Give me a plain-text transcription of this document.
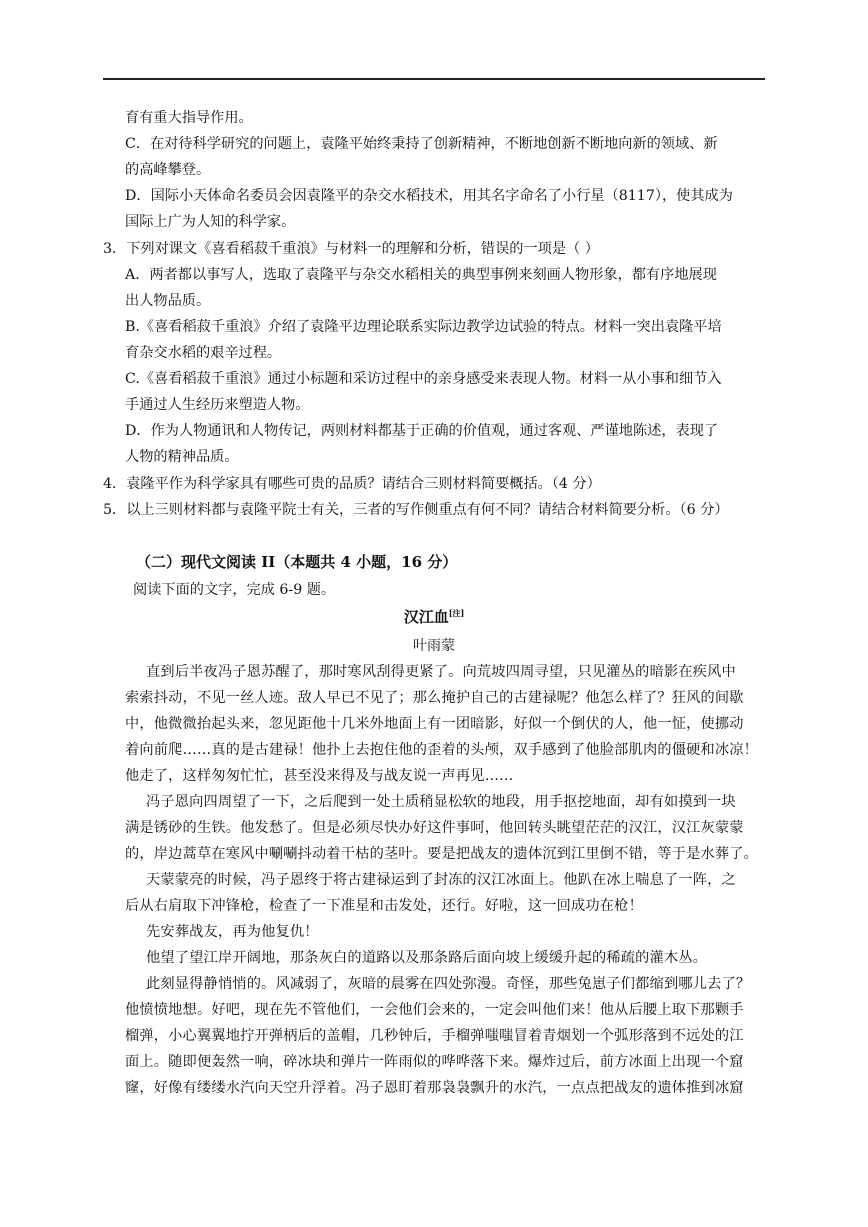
育有重大指导作用。
C．在对待科学研究的问题上，袁隆平始终秉持了创新精神，不断地创新不断地向新的领域、新
的高峰攀登。
D．国际小天体命名委员会因袁隆平的杂交水稻技术，用其名字命名了小行星（8117），使其成为
国际上广为人知的科学家。
3．下列对课文《喜看稻菽千重浪》与材料一的理解和分析，错误的一项是（ ）
A．两者都以事写人，选取了袁隆平与杂交水稻相关的典型事例来刻画人物形象，都有序地展现
出人物品质。
B.《喜看稻菽千重浪》介绍了袁隆平边理论联系实际边教学边试验的特点。材料一突出袁隆平培
育杂交水稻的艰辛过程。
C.《喜看稻菽千重浪》通过小标题和采访过程中的亲身感受来表现人物。材料一从小事和细节入
手通过人生经历来塑造人物。
D．作为人物通讯和人物传记，两则材料都基于正确的价值观，通过客观、严谨地陈述，表现了
人物的精神品质。
4．袁隆平作为科学家具有哪些可贵的品质？请结合三则材料简要概括。（4 分）
5．以上三则材料都与袁隆平院士有关，三者的写作侧重点有何不同？请结合材料简要分析。（6 分）
（二）现代文阅读 II（本题共 4 小题，16 分）
阅读下面的文字，完成 6-9 题。
汉江血[注]
叶雨蒙
直到后半夜冯子恩苏醒了，那时寒风刮得更紧了。向荒坡四周寻望，只见灌丛的暗影在疾风中
索索抖动，不见一丝人迹。敌人早已不见了；那么掩护自己的古建禄呢？他怎么样了？狂风的间歇
中，他微微抬起头来，忽见距他十几米外地面上有一团暗影，好似一个倒伏的人，他一怔，使挪动
着向前爬……真的是古建禄！他扑上去抱住他的歪着的头颅，双手感到了他脸部肌肉的僵硬和冰凉！
他走了，这样匆匆忙忙，甚至没来得及与战友说一声再见……
冯子恩向四周望了一下，之后爬到一处土质稍显松软的地段，用手抠挖地面，却有如摸到一块
满是锈砂的生铁。他发愁了。但是必须尽快办好这件事呵，他回转头眺望茫茫的汉江，汉江灰蒙蒙
的，岸边蒿草在寒风中唰唰抖动着干枯的茎叶。要是把战友的遗体沉到江里倒不错，等于是水葬了。
天蒙蒙亮的时候，冯子恩终于将古建禄运到了封冻的汉江冰面上。他趴在冰上喘息了一阵，之
后从右肩取下冲锋枪，检查了一下准星和击发处，还行。好啦，这一回成功在枪！
先安葬战友，再为他复仇！
他望了望江岸开阔地，那条灰白的道路以及那条路后面向坡上缓缓升起的稀疏的灌木丛。
此刻显得静悄悄的。风减弱了，灰暗的晨雾在四处弥漫。奇怪，那些兔崽子们都缩到哪儿去了？
他愤愤地想。好吧，现在先不管他们，一会他们会来的，一定会叫他们来！他从后腰上取下那颗手
榴弹，小心翼翼地拧开弹柄后的盖帽，几秒钟后，手榴弹嗤嗤冒着青烟划一个弧形落到不远处的江
面上。随即便轰然一响，碎冰块和弹片一阵雨似的哗哗落下来。爆炸过后，前方冰面上出现一个窟
窿，好像有缕缕水汽向天空升浮着。冯子恩盯着那袅袅飘升的水汽，一点点把战友的遗体推到冰窟
